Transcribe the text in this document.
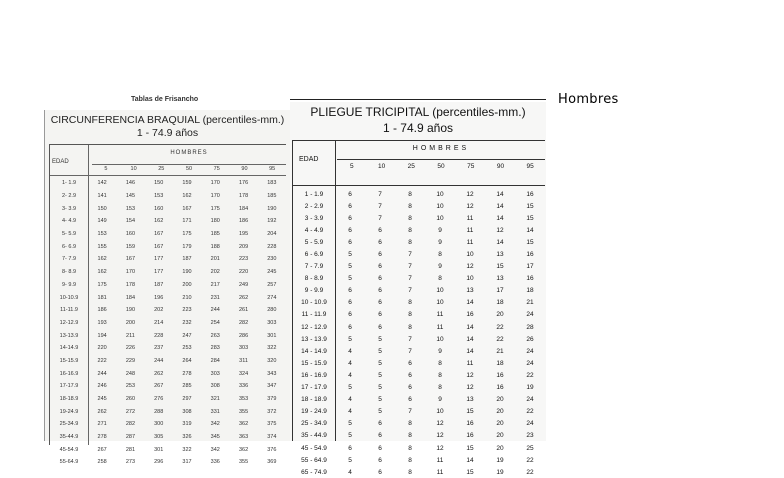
Hombres
Tablas de Frisancho
CIRCUNFERENCIA BRAQUIAL (percentiles-mm.)
1 - 74.9 años
EDAD
HOMBRES
5	10	25	50	75	90	95
1- 1.9	142	146	150	159	170	176	183
2- 2.9	141	145	153	162	170	178	185
3- 3.9	150	153	160	167	175	184	190
4- 4.9	149	154	162	171	180	186	192
5- 5.9	153	160	167	175	185	195	204
6- 6.9	155	159	167	179	188	209	228
7- 7.9	162	167	177	187	201	223	230
8- 8.9	162	170	177	190	202	220	245
9- 9.9	175	178	187	200	217	249	257
10-10.9	181	184	196	210	231	262	274
11-11.9	186	190	202	223	244	261	280
12-12.9	193	200	214	232	254	282	303
13-13.9	194	211	228	247	263	286	301
14-14.9	220	226	237	253	283	303	322
15-15.9	222	229	244	264	284	311	320
16-16.9	244	248	262	278	303	324	343
17-17.9	246	253	267	285	308	336	347
18-18.9	245	260	276	297	321	353	379
19-24.9	262	272	288	308	331	355	372
25-34.9	271	282	300	319	342	362	375
35-44.9	278	287	305	326	345	363	374
45-54.9	267	281	301	322	342	362	376
55-64.9	258	273	296	317	336	355	369
PLIEGUE TRICIPITAL (percentiles-mm.)
1 - 74.9 años
EDAD
HOMBRES
5	10	25	50	75	90	95
1 - 1.9	6	7	8	10	12	14	16
2 - 2.9	6	7	8	10	12	14	15
3 - 3.9	6	7	8	10	11	14	15
4 - 4.9	6	6	8	9	11	12	14
5 - 5.9	6	6	8	9	11	14	15
6 - 6.9	5	6	7	8	10	13	16
7 - 7.9	5	6	7	9	12	15	17
8 - 8.9	5	6	7	8	10	13	16
9 - 9.9	6	6	7	10	13	17	18
10 - 10.9	6	6	8	10	14	18	21
11 - 11.9	6	6	8	11	16	20	24
12 - 12.9	6	6	8	11	14	22	28
13 - 13.9	5	5	7	10	14	22	26
14 - 14.9	4	5	7	9	14	21	24
15 - 15.9	4	5	6	8	11	18	24
16 - 16.9	4	5	6	8	12	16	22
17 - 17.9	5	5	6	8	12	16	19
18 - 18.9	4	5	6	9	13	20	24
19 - 24.9	4	5	7	10	15	20	22
25 - 34.9	5	6	8	12	16	20	24
35 - 44.9	5	6	8	12	16	20	23
45 - 54.9	6	6	8	12	15	20	25
55 - 64.9	5	6	8	11	14	19	22
65 - 74.9	4	6	8	11	15	19	22
